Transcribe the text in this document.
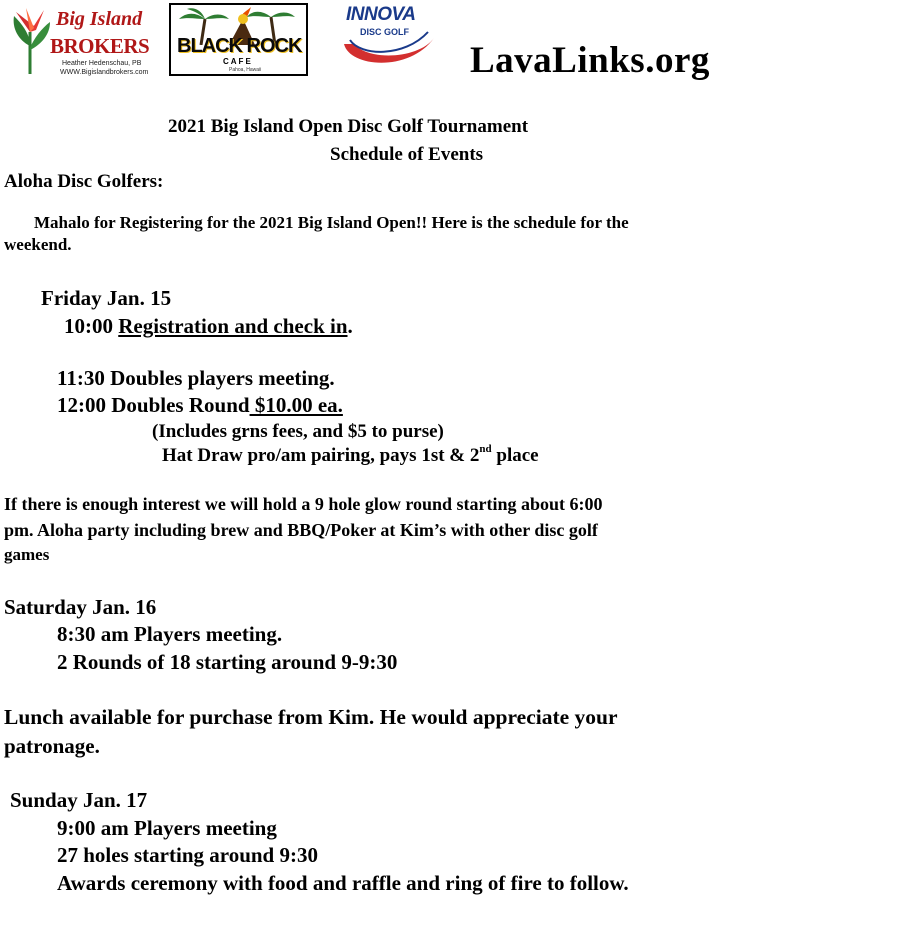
Big Island
BROKERS
Heather Hedenschau, PB
WWW.Bigislandbrokers.com
BLACK ROCK
CAFE
Pahoa, Hawaii
INNOVA
DISC GOLF
LavaLinks.org
2021 Big Island Open Disc Golf Tournament
Schedule of Events
Aloha Disc Golfers:
Mahalo for Registering for the 2021 Big Island Open!! Here is the schedule for the
weekend.
Friday Jan. 15
10:00 Registration and check in.
11:30 Doubles players meeting.
12:00 Doubles Round $10.00 ea.
(Includes grns fees, and $5 to purse)
Hat Draw pro/am pairing, pays 1st & 2nd place
If there is enough interest we will hold a 9 hole glow round starting about 6:00
pm. Aloha party including brew and BBQ/Poker at Kim’s with other disc golf
games
Saturday Jan. 16
8:30 am Players meeting.
2 Rounds of 18 starting around 9-9:30
Lunch available for purchase from Kim. He would appreciate your
patronage.
Sunday Jan. 17
9:00 am Players meeting
27 holes starting around 9:30
Awards ceremony with food and raffle and ring of fire to follow.
